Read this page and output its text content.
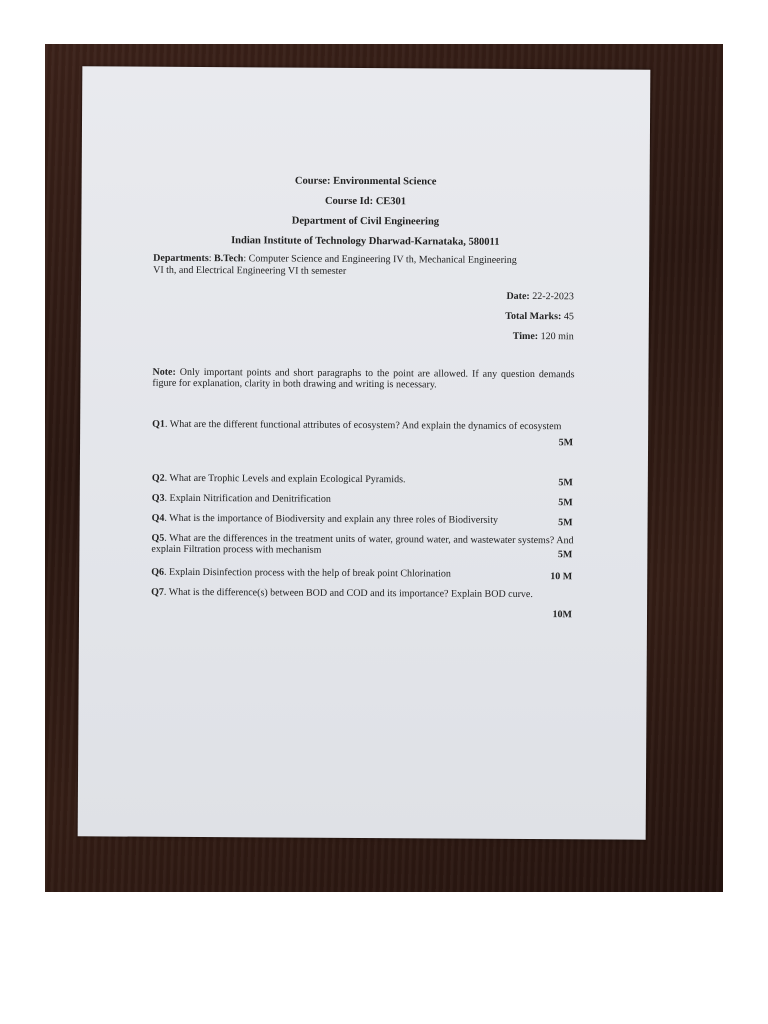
Course: Environmental Science
Course Id: CE301
Department of Civil Engineering
Indian Institute of Technology Dharwad-Karnataka, 580011
Departments: B.Tech: Computer Science and Engineering IV th, Mechanical Engineering
VI th, and Electrical Engineering VI th semester
Date: 22-2-2023
Total Marks: 45
Time: 120 min
Note: Only important points and short paragraphs to the point are allowed. If any question demands figure for explanation, clarity in both drawing and writing is necessary.
Q1. What are the different functional attributes of ecosystem? And explain the dynamics of ecosystem
5M
Q2. What are Trophic Levels and explain Ecological Pyramids.	5M
Q3. Explain Nitrification and Denitrification	5M
Q4. What is the importance of Biodiversity and explain any three roles of Biodiversity	5M
Q5. What are the differences in the treatment units of water, ground water, and wastewater systems? And explain Filtration process with mechanism	5M
Q6. Explain Disinfection process with the help of break point Chlorination	10 M
Q7. What is the difference(s) between BOD and COD and its importance? Explain BOD curve.
10M
